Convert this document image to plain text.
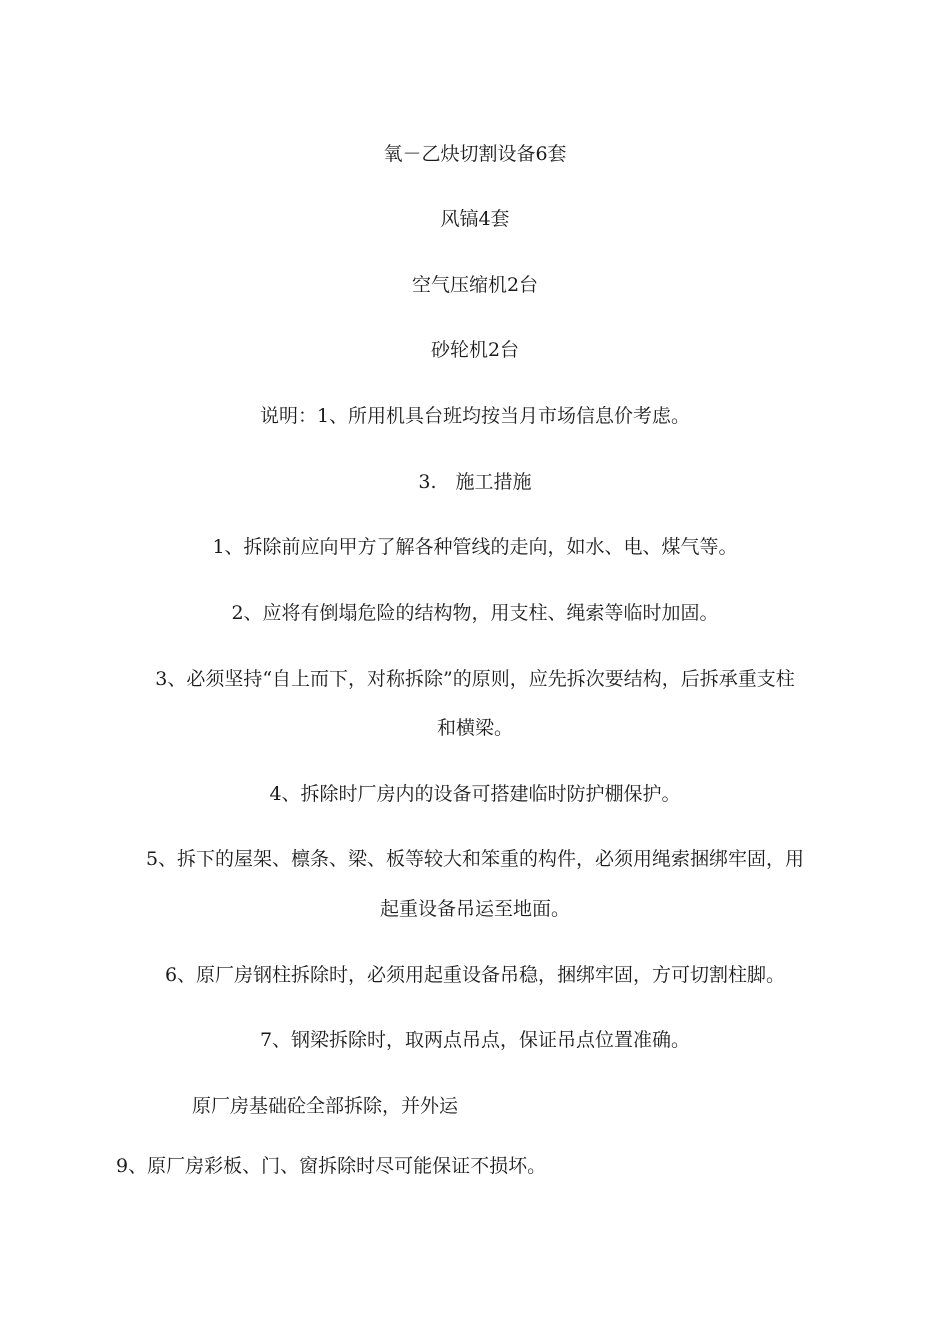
氧－乙炔切割设备6套
风镐4套
空气压缩机2台
砂轮机2台
说明：1、所用机具台班均按当月市场信息价考虑。
3.　施工措施
1、拆除前应向甲方了解各种管线的走向，如水、电、煤气等。
2、应将有倒塌危险的结构物，用支柱、绳索等临时加固。
3、必须坚持“自上而下，对称拆除”的原则，应先拆次要结构，后拆承重支柱
和横梁。
4、拆除时厂房内的设备可搭建临时防护棚保护。
5、拆下的屋架、檩条、梁、板等较大和笨重的构件，必须用绳索捆绑牢固，用
起重设备吊运至地面。
6、原厂房钢柱拆除时，必须用起重设备吊稳，捆绑牢固，方可切割柱脚。
7、钢梁拆除时，取两点吊点，保证吊点位置准确。
原厂房基础砼全部拆除，并外运
9、原厂房彩板、门、窗拆除时尽可能保证不损坏。
